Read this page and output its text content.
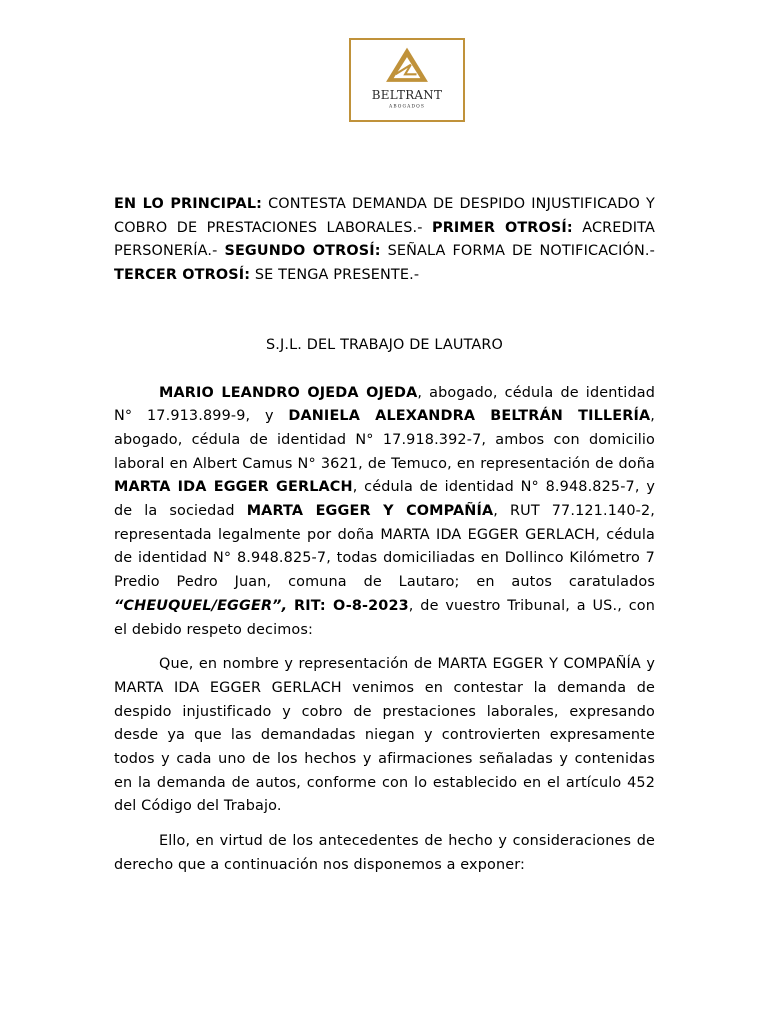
BELTRANT
ABOGADOS

EN LO PRINCIPAL: CONTESTA DEMANDA DE DESPIDO INJUSTIFICADO Y COBRO DE PRESTACIONES LABORALES.- PRIMER OTROSÍ: ACREDITA PERSONERÍA.- SEGUNDO OTROSÍ: SEÑALA FORMA DE NOTIFICACIÓN.- TERCER OTROSÍ: SE TENGA PRESENTE.-

S.J.L. DEL TRABAJO DE LAUTARO

MARIO LEANDRO OJEDA OJEDA, abogado, cédula de identidad N° 17.913.899-9, y DANIELA ALEXANDRA BELTRÁN TILLERÍA, abogado, cédula de identidad N° 17.918.392-7, ambos con domicilio laboral en Albert Camus N° 3621, de Temuco, en representación de doña MARTA IDA EGGER GERLACH, cédula de identidad N° 8.948.825-7, y de la sociedad MARTA EGGER Y COMPAÑÍA, RUT 77.121.140-2, representada legalmente por doña MARTA IDA EGGER GERLACH, cédula de identidad N° 8.948.825-7, todas domiciliadas en Dollinco Kilómetro 7 Predio Pedro Juan, comuna de Lautaro; en autos caratulados “CHEUQUEL/EGGER”, RIT: O-8-2023, de vuestro Tribunal, a US., con el debido respeto decimos:

Que, en nombre y representación de MARTA EGGER Y COMPAÑÍA y MARTA IDA EGGER GERLACH venimos en contestar la demanda de despido injustificado y cobro de prestaciones laborales, expresando desde ya que las demandadas niegan y controvierten expresamente todos y cada uno de los hechos y afirmaciones señaladas y contenidas en la demanda de autos, conforme con lo establecido en el artículo 452 del Código del Trabajo.

Ello, en virtud de los antecedentes de hecho y consideraciones de derecho que a continuación nos disponemos a exponer:
